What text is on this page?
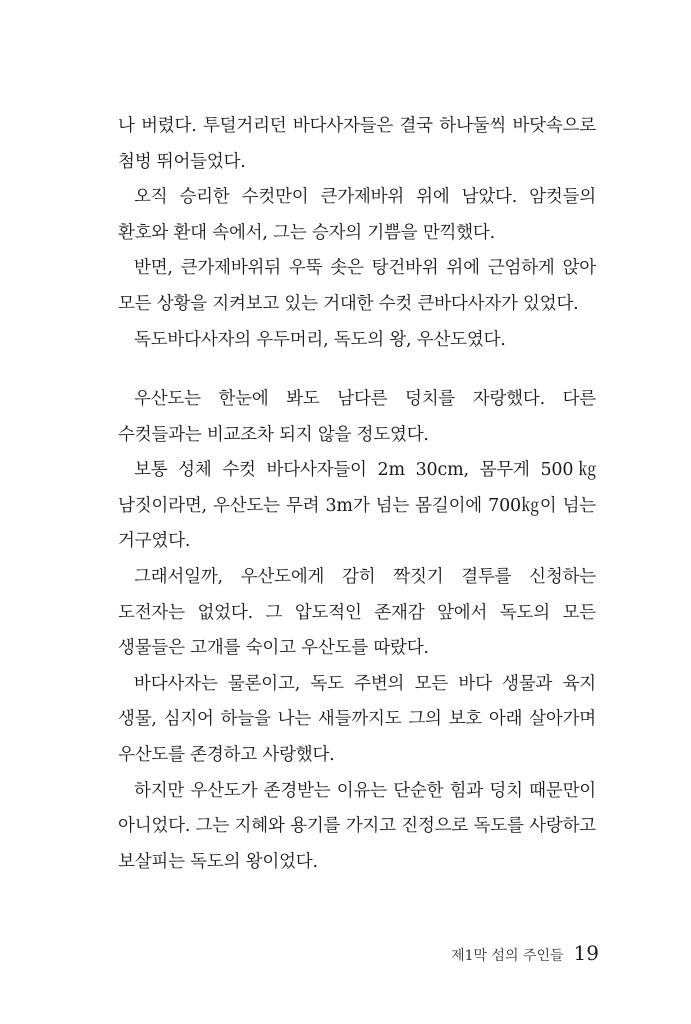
나 버렸다. 투덜거리던 바다사자들은 결국 하나둘씩 바닷속으로 첨벙 뛰어들었다.

오직 승리한 수컷만이 큰가제바위 위에 남았다. 암컷들의 환호와 환대 속에서, 그는 승자의 기쁨을 만끽했다.

반면, 큰가제바위뒤 우뚝 솟은 탕건바위 위에 근엄하게 앉아 모든 상황을 지켜보고 있는 거대한 수컷 큰바다사자가 있었다.

독도바다사자의 우두머리, 독도의 왕, 우산도였다.

우산도는 한눈에 봐도 남다른 덩치를 자랑했다. 다른 수컷들과는 비교조차 되지 않을 정도였다.

보통 성체 수컷 바다사자들이 2m 30cm, 몸무게 500㎏ 남짓이라면, 우산도는 무려 3m가 넘는 몸길이에 700㎏이 넘는 거구였다.

그래서일까, 우산도에게 감히 짝짓기 결투를 신청하는 도전자는 없었다. 그 압도적인 존재감 앞에서 독도의 모든 생물들은 고개를 숙이고 우산도를 따랐다.

바다사자는 물론이고, 독도 주변의 모든 바다 생물과 육지 생물, 심지어 하늘을 나는 새들까지도 그의 보호 아래 살아가며 우산도를 존경하고 사랑했다.

하지만 우산도가 존경받는 이유는 단순한 힘과 덩치 때문만이 아니었다. 그는 지혜와 용기를 가지고 진정으로 독도를 사랑하고 보살피는 독도의 왕이었다.

제1막 섬의 주인들 19
